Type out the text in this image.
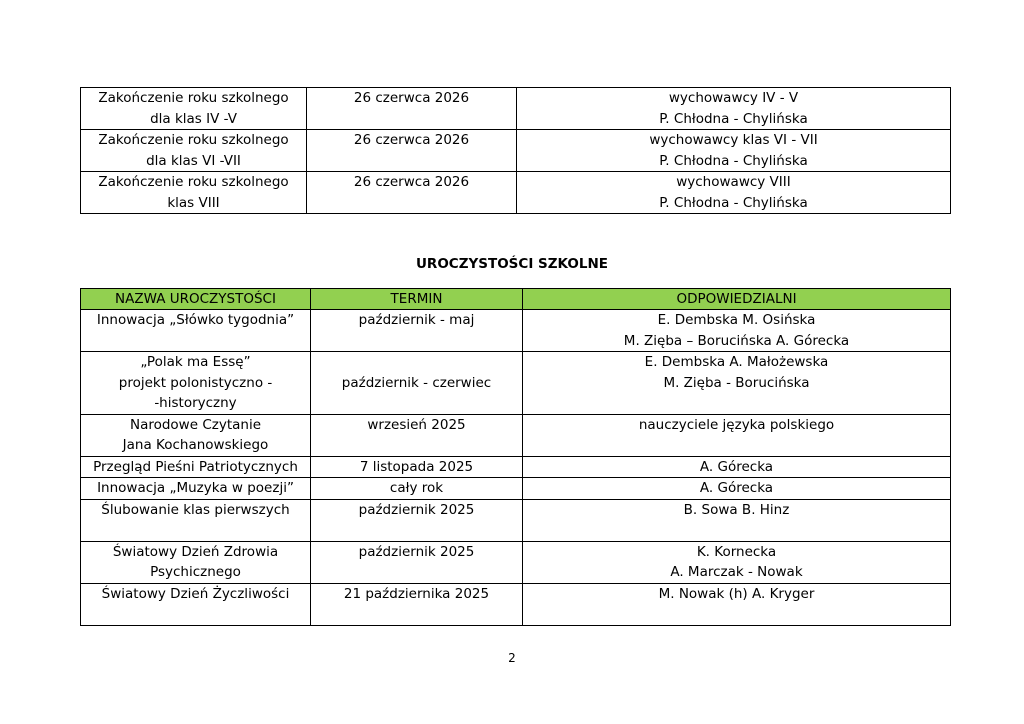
Zakończenie roku szkolnego
dla klas IV -V	26 czerwca 2026	wychowawcy IV - V
P. Chłodna - Chylińska

Zakończenie roku szkolnego
dla klas VI -VII	26 czerwca 2026	wychowawcy klas VI - VII
P. Chłodna - Chylińska

Zakończenie roku szkolnego
klas VIII	26 czerwca 2026	wychowawcy VIII
P. Chłodna - Chylińska
UROCZYSTOŚCI SZKOLNE
NAZWA UROCZYSTOŚCI	TERMIN	ODPOWIEDZIALNI

Innowacja „Słówko tygodnia”	październik - maj	E. Dembska M. Osińska
M. Zięba – Borucińska A. Górecka

„Polak ma Essę”
projekt polonistyczno -
-historyczny	październik - czerwiec	E. Dembska A. Małożewska
M. Zięba - Borucińska

Narodowe Czytanie
Jana Kochanowskiego	wrzesień 2025	nauczyciele języka polskiego

Przegląd Pieśni Patriotycznych	7 listopada 2025	A. Górecka

Innowacja „Muzyka w poezji”	cały rok	A. Górecka

Ślubowanie klas pierwszych	październik 2025	B. Sowa B. Hinz

Światowy Dzień Zdrowia
Psychicznego	październik 2025	K. Kornecka
A. Marczak - Nowak

Światowy Dzień Życzliwości	21 października 2025	M. Nowak (h) A. Kryger
2
